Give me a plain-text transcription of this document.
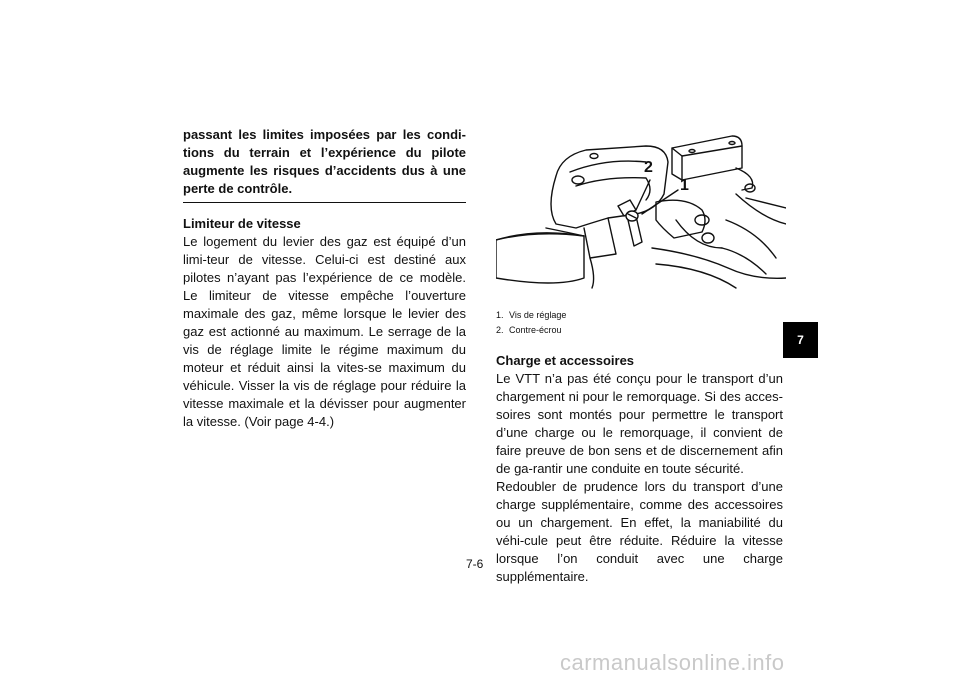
passant les limites imposées par les condi-tions du terrain et l’expérience du pilote augmente les risques d’accidents dus à une perte de contrôle.
Limiteur de vitesse

Le logement du levier des gaz est équipé d’un limi-teur de vitesse. Celui-ci est destiné aux pilotes n’ayant pas l’expérience de ce modèle. Le limiteur de vitesse empêche l’ouverture maximale des gaz, même lorsque le levier des gaz est actionné au maximum. Le serrage de la vis de réglage limite le régime maximum du moteur et réduit ainsi la vites-se maximum du véhicule. Visser la vis de réglage pour réduire la vitesse maximale et la dévisser pour augmenter la vitesse. (Voir page 4-4.)

2
1
1. Vis de réglage
2. Contre-écrou
Charge et accessoires

Le VTT n’a pas été conçu pour le transport d’un chargement ni pour le remorquage. Si des acces-soires sont montés pour permettre le transport d’une charge ou le remorquage, il convient de faire preuve de bon sens et de discernement afin de ga-rantir une conduite en toute sécurité.

Redoubler de prudence lors du transport d’une charge supplémentaire, comme des accessoires ou un chargement. En effet, la maniabilité du véhi-cule peut être réduite. Réduire la vitesse lorsque l’on conduit avec une charge supplémentaire.

7
7-6
carmanualsonline.info
